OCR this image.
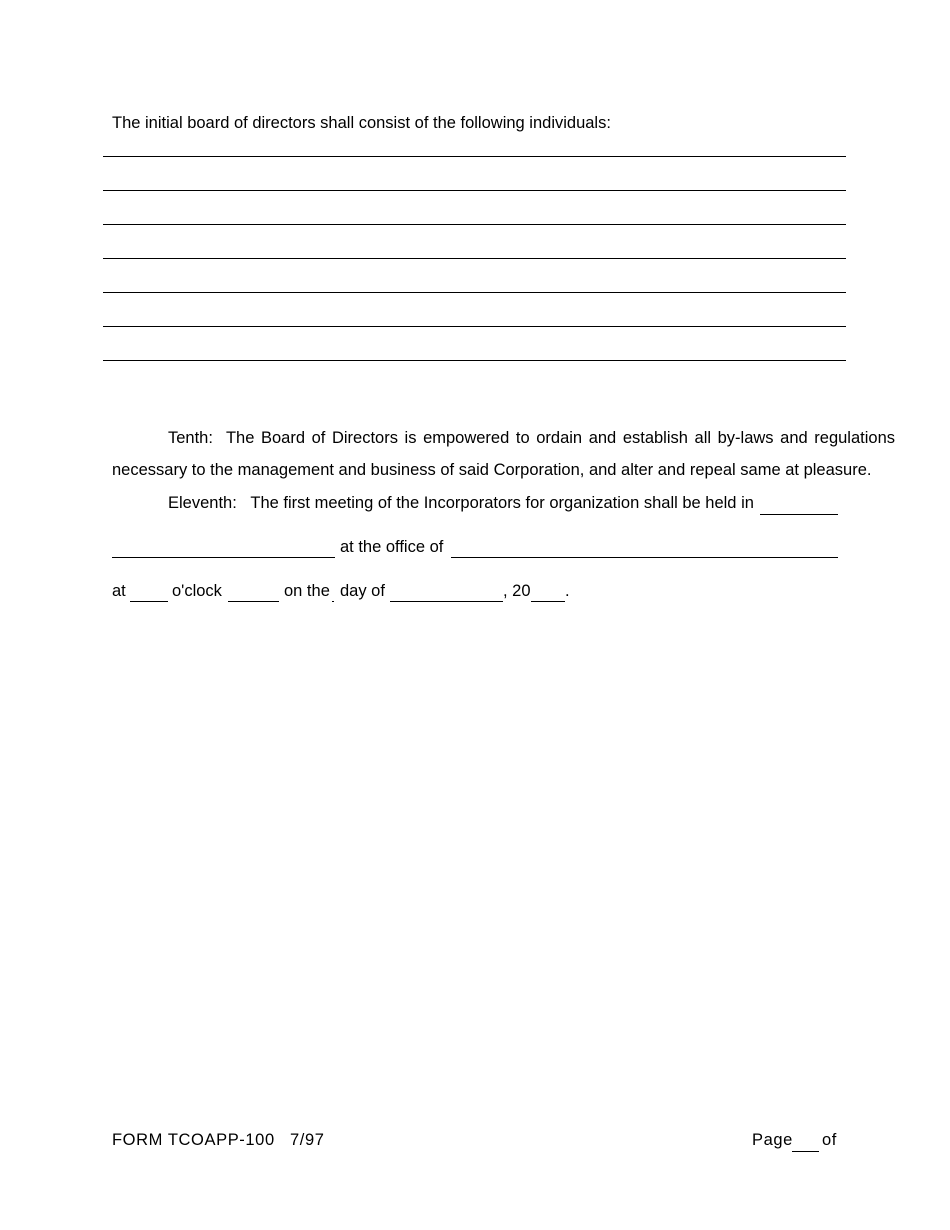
The initial board of directors shall consist of the following individuals:
Tenth: The Board of Directors is empowered to ordain and establish all by-laws and regulations
necessary to the management and business of said Corporation, and alter and repeal same at pleasure.
Eleventh: The first meeting of the Incorporators for organization shall be held in
at the office of
at	o'clock	on the day of	, 20 .
FORM TCOAPP-100 7/97	Page of
